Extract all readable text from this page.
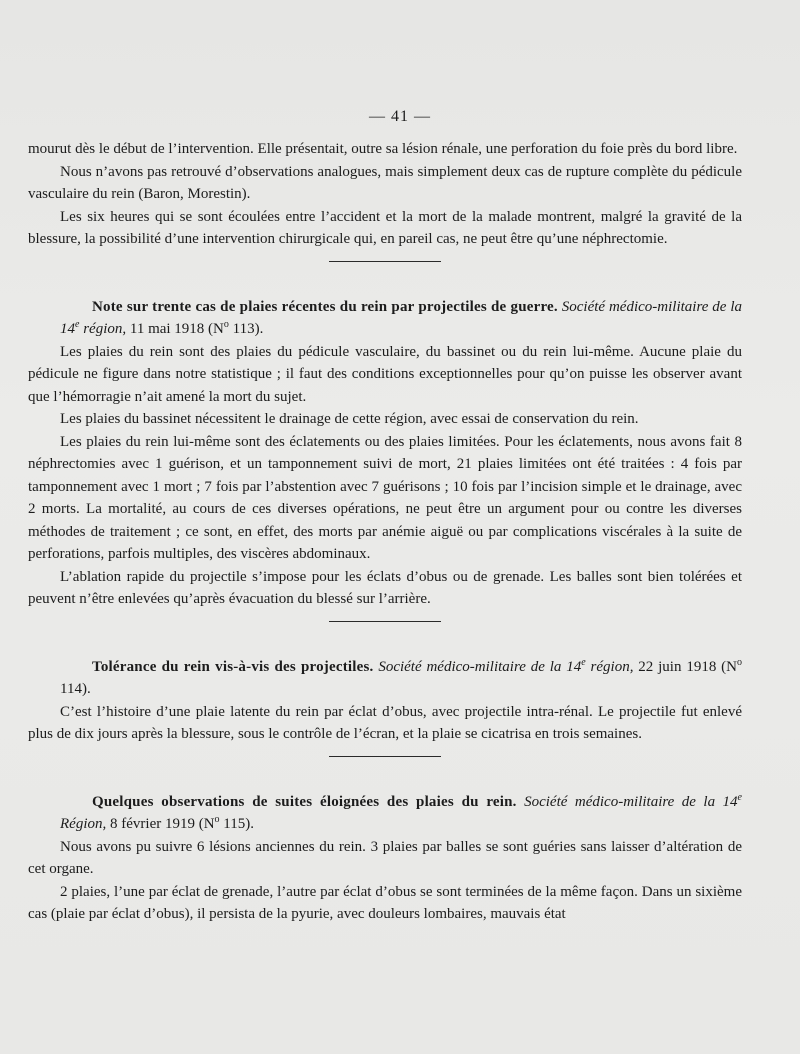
— 41 —

mourut dès le début de l’intervention. Elle présentait, outre sa lésion rénale, une perforation du foie près du bord libre.

Nous n’avons pas retrouvé d’observations analogues, mais simplement deux cas de rupture complète du pédicule vasculaire du rein (Baron, Morestin).

Les six heures qui se sont écoulées entre l’accident et la mort de la malade montrent, malgré la gravité de la blessure, la possibilité d’une intervention chirurgicale qui, en pareil cas, ne peut être qu’une néphrectomie.

Note sur trente cas de plaies récentes du rein par projectiles de guerre. Société médico-militaire de la 14e région, 11 mai 1918 ($N^o$ 113).

Les plaies du rein sont des plaies du pédicule vasculaire, du bassinet ou du rein lui-même. Aucune plaie du pédicule ne figure dans notre statistique ; il faut des conditions exceptionnelles pour qu’on puisse les observer avant que l’hémorragie n’ait amené la mort du sujet.

Les plaies du bassinet nécessitent le drainage de cette région, avec essai de conservation du rein.

Les plaies du rein lui-même sont des éclatements ou des plaies limitées. Pour les éclatements, nous avons fait 8 néphrectomies avec 1 guérison, et un tamponnement suivi de mort, 21 plaies limitées ont été traitées : 4 fois par tamponnement avec 1 mort ; 7 fois par l’abstention avec 7 guérisons ; 10 fois par l’incision simple et le drainage, avec 2 morts. La mortalité, au cours de ces diverses opérations, ne peut être un argument pour ou contre les diverses méthodes de traitement ; ce sont, en effet, des morts par anémie aiguë ou par complications viscérales à la suite de perforations, parfois multiples, des viscères abdominaux.

L’ablation rapide du projectile s’impose pour les éclats d’obus ou de grenade. Les balles sont bien tolérées et peuvent n’être enlevées qu’après évacuation du blessé sur l’arrière.

Tolérance du rein vis-à-vis des projectiles. Société médico-militaire de la 14e région, 22 juin 1918 ($N^o$ 114).

C’est l’histoire d’une plaie latente du rein par éclat d’obus, avec projectile intra-rénal. Le projectile fut enlevé plus de dix jours après la blessure, sous le contrôle de l’écran, et la plaie se cicatrisa en trois semaines.

Quelques observations de suites éloignées des plaies du rein. Société médico-militaire de la 14e Région, 8 février 1919 ($N^o$ 115).

Nous avons pu suivre 6 lésions anciennes du rein. 3 plaies par balles se sont guéries sans laisser d’altération de cet organe.

2 plaies, l’une par éclat de grenade, l’autre par éclat d’obus se sont terminées de la même façon. Dans un sixième cas (plaie par éclat d’obus), il persista de la pyurie, avec douleurs lombaires, mauvais état
